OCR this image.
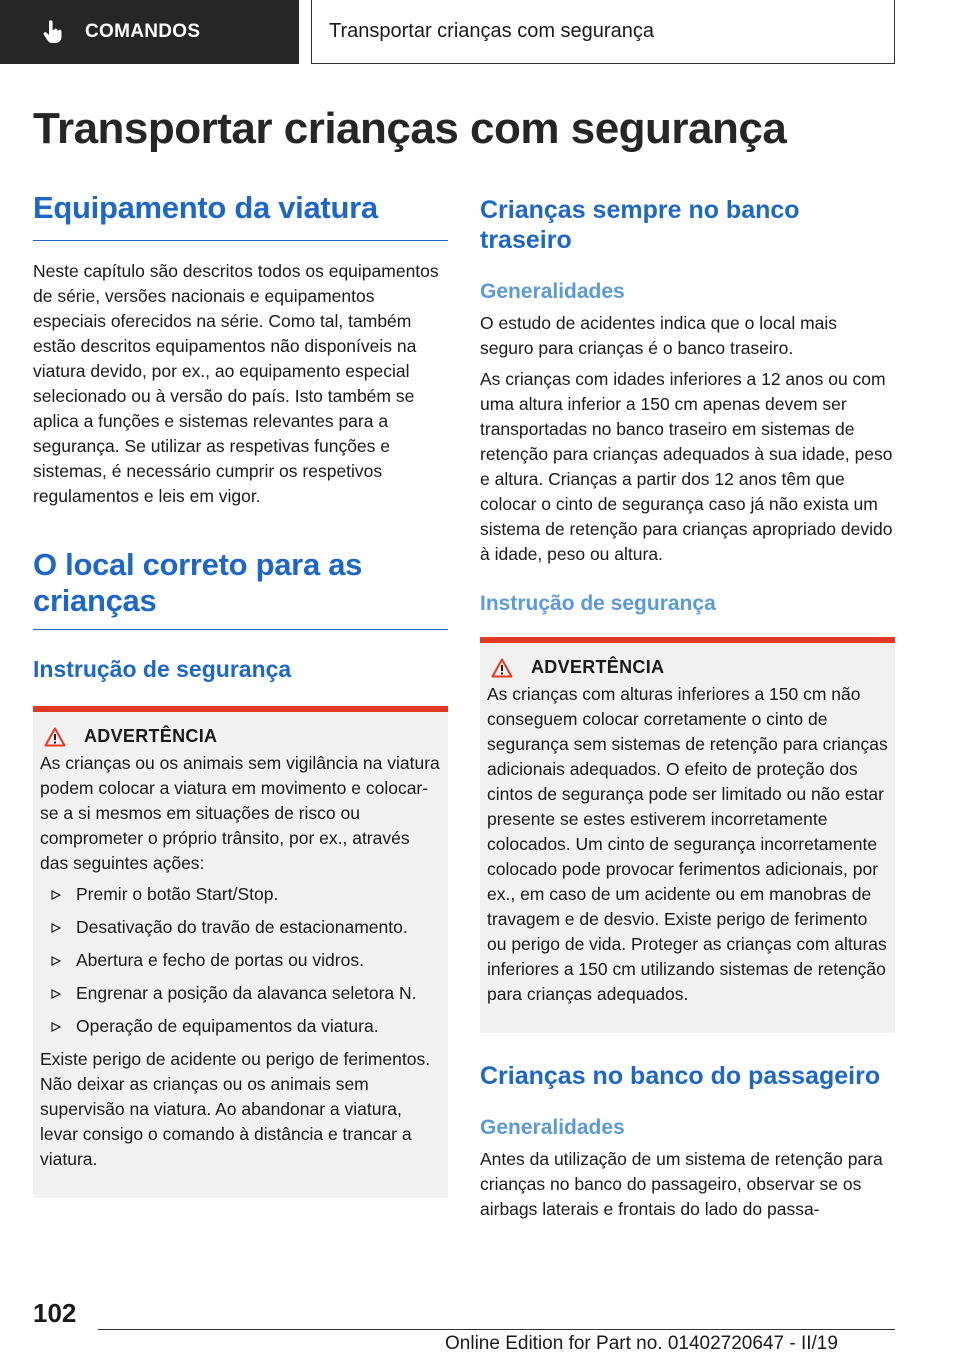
COMANDOS	Transportar crianças com segurança
Transportar crianças com segurança
Equipamento da viatura

Neste capítulo são descritos todos os equipamentos de série, versões nacionais e equipamentos especiais oferecidos na série. Como tal, também estão descritos equipamentos não disponíveis na viatura devido, por ex., ao equipamento especial selecionado ou à versão do país. Isto também se aplica a funções e sistemas relevantes para a segurança. Se utilizar as respetivas funções e sistemas, é necessário cumprir os respetivos regulamentos e leis em vigor.

O local correto para as crianças
Instrução de segurança
ADVERTÊNCIA

As crianças ou os animais sem vigilância na viatura podem colocar a viatura em movimento e colocar-se a si mesmos em situações de risco ou comprometer o próprio trânsito, por ex., através das seguintes ações:

Premir o botão Start/Stop.
Desativação do travão de estacionamento.
Abertura e fecho de portas ou vidros.
Engrenar a posição da alavanca seletora N.
Operação de equipamentos da viatura.

Existe perigo de acidente ou perigo de ferimentos. Não deixar as crianças ou os animais sem supervisão na viatura. Ao abandonar a viatura, levar consigo o comando à distância e trancar a viatura.

Crianças sempre no banco traseiro
Generalidades

O estudo de acidentes indica que o local mais seguro para crianças é o banco traseiro.

As crianças com idades inferiores a 12 anos ou com uma altura inferior a 150 cm apenas devem ser transportadas no banco traseiro em sistemas de retenção para crianças adequados à sua idade, peso e altura. Crianças a partir dos 12 anos têm que colocar o cinto de segurança caso já não exista um sistema de retenção para crianças apropriado devido à idade, peso ou altura.

Instrução de segurança
ADVERTÊNCIA

As crianças com alturas inferiores a 150 cm não conseguem colocar corretamente o cinto de segurança sem sistemas de retenção para crianças adicionais adequados. O efeito de proteção dos cintos de segurança pode ser limitado ou não estar presente se estes estiverem incorretamente colocados. Um cinto de segurança incorretamente colocado pode provocar ferimentos adicionais, por ex., em caso de um acidente ou em manobras de travagem e de desvio. Existe perigo de ferimento ou perigo de vida. Proteger as crianças com alturas inferiores a 150 cm utilizando sistemas de retenção para crianças adequados.

Crianças no banco do passageiro
Generalidades

Antes da utilização de um sistema de retenção para crianças no banco do passageiro, observar se os airbags laterais e frontais do lado do passa-

102
Online Edition for Part no. 01402720647 - II/19
